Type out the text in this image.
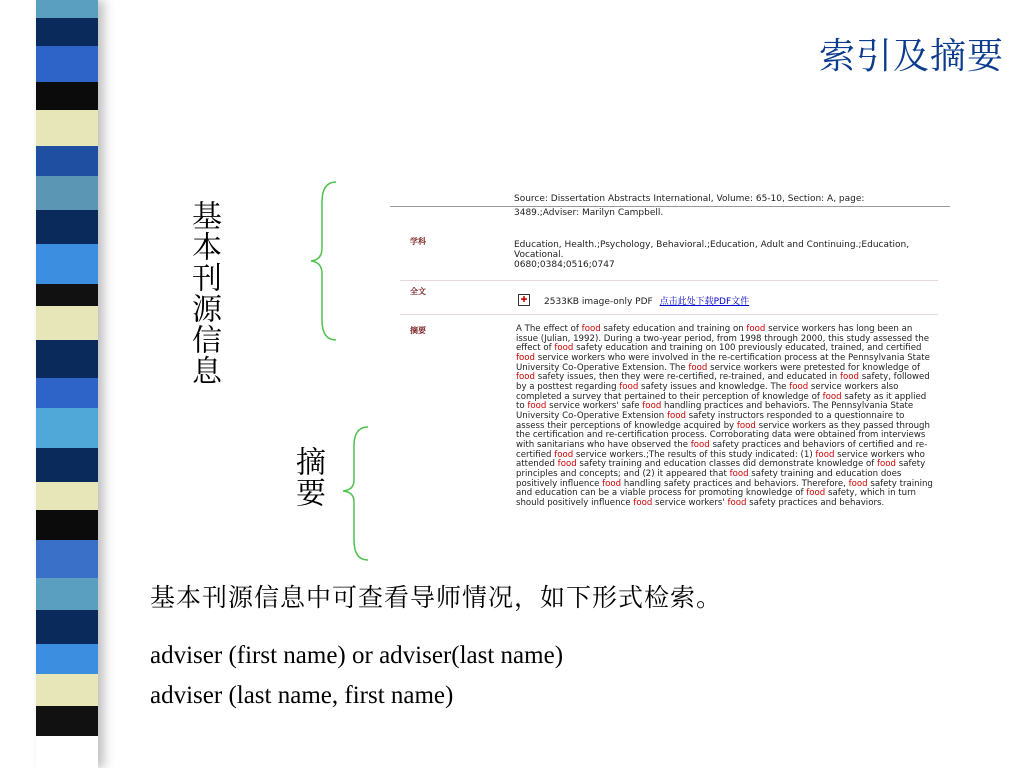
索引及摘要
基本刊源信息
摘要
Source: Dissertation Abstracts International, Volume: 65-10, Section: A, page:
3489.;Adviser: Marilyn Campbell.
学科	Education, Health.;Psychology, Behavioral.;Education, Adult and Continuing.;Education, Vocational.
0680;0384;0516;0747
全文
✚ 2533KB image-only PDF 点击此处下载PDF文件
摘要	A The effect of food safety education and training on food service workers has long been an issue (Julian, 1992). During a two-year period, from 1998 through 2000, this study assessed the effect of food safety education and training on 100 previously educated, trained, and certified food service workers who were involved in the re-certification process at the Pennsylvania State University Co-Operative Extension. The food service workers were pretested for knowledge of food safety issues, then they were re-certified, re-trained, and educated in food safety, followed by a posttest regarding food safety issues and knowledge. The food service workers also completed a survey that pertained to their perception of knowledge of food safety as it applied to food service workers' safe food handling practices and behaviors. The Pennsylvania State University Co-Operative Extension food safety instructors responded to a questionnaire to assess their perceptions of knowledge acquired by food service workers as they passed through the certification and re-certification process. Corroborating data were obtained from interviews with sanitarians who have observed the food safety practices and behaviors of certified and re-certified food service workers.;The results of this study indicated: (1) food service workers who attended food safety training and education classes did demonstrate knowledge of food safety principles and concepts; and (2) it appeared that food safety training and education does positively influence food handling safety practices and behaviors. Therefore, food safety training and education can be a viable process for promoting knowledge of food safety, which in turn should positively influence food service workers' food safety practices and behaviors.

基本刊源信息中可查看导师情况，如下形式检索。

adviser (first name) or adviser(last name)

adviser (last name, first name)
